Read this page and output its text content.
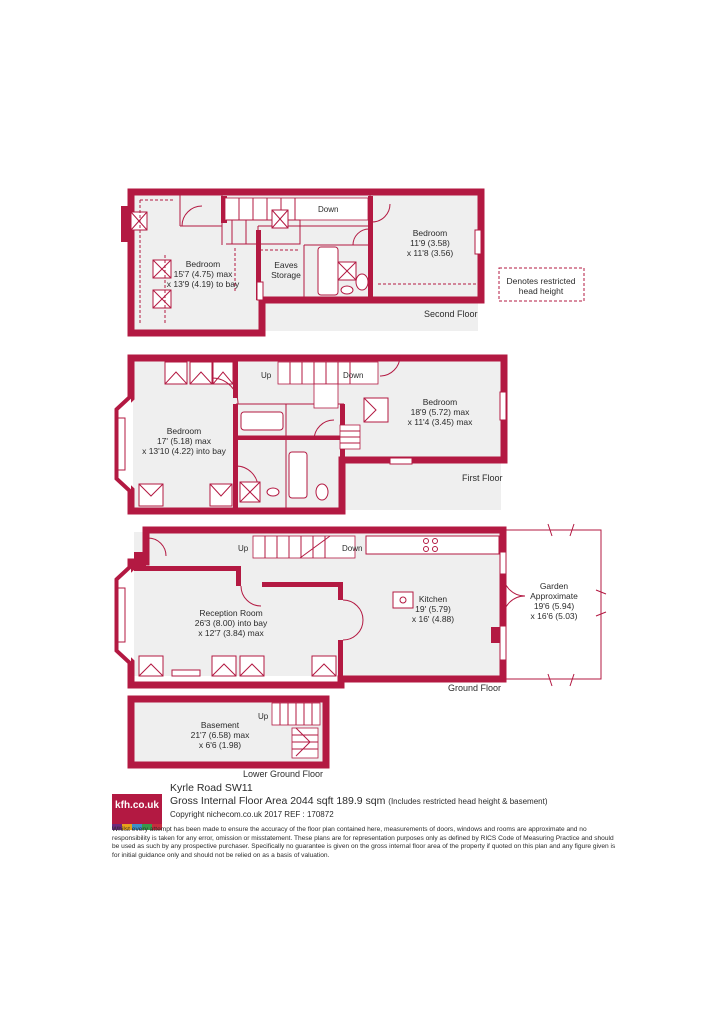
Bedroom
11'9 (3.58)
x 11'8 (3.56)
Bedroom
15'7 (4.75) max
x 13'9 (4.19) to bay
Eaves
Storage
Down
Second Floor
Denotes restricted
head height
Bedroom
17' (5.18) max
x 13'10 (4.22) into bay
Bedroom
18'9 (5.72) max
x 11'4 (3.45) max
Up	Down
First Floor
Reception Room
26'3 (8.00) into bay
x 12'7 (3.84) max
Kitchen
19' (5.79)
x 16' (4.88)
Garden
Approximate
19'6 (5.94)
x 16'6 (5.03)
Up	Down
Ground Floor
Basement
21'7 (6.58) max
x 6'6 (1.98)
Up
Lower Ground Floor
kfh.co.uk
Kyrle Road SW11
Gross Internal Floor Area 2044 sqft 189.9 sqm (Includes restricted head height & basement)
Copyright nichecom.co.uk 2017 REF : 170872
Whilst every attempt has been made to ensure the accuracy of the floor plan contained here, measurements of doors, windows and rooms are approximate and no responsibility is taken for any error, omission or misstatement. These plans are for representation purposes only as defined by RICS Code of Measuring Practice and should be used as such by any prospective purchaser. Specifically no guarantee is given on the gross internal floor area of the property if quoted on this plan and any figure given is for initial guidance only and should not be relied on as a basis of valuation.
